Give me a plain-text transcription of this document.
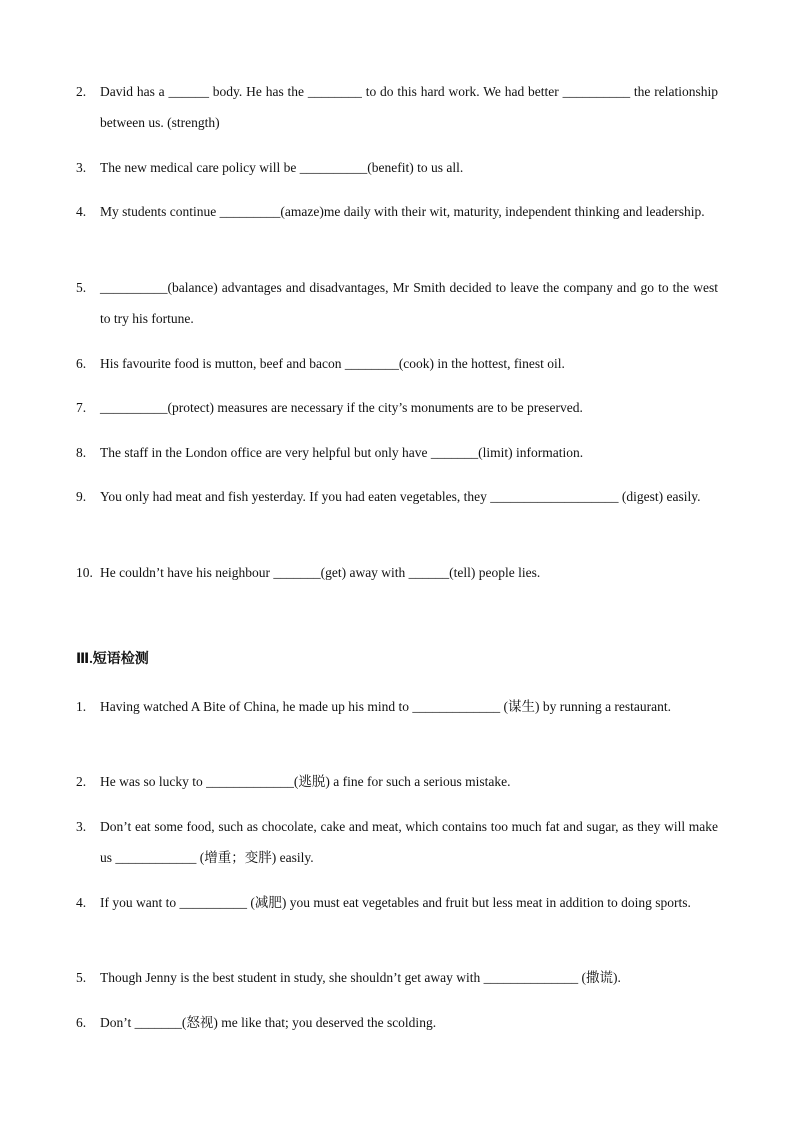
2.	David has a ______ body. He has the ________ to do this hard work. We had better __________ the relationship between us. (strength)
3.	The new medical care policy will be __________(benefit) to us all.
4.	My students continue _________(amaze)me daily with their wit, maturity, independent thinking and leadership.
5.	__________(balance) advantages and disadvantages, Mr Smith decided to leave the company and go to the west to try his fortune.
6.	His favourite food is mutton, beef and bacon ________(cook) in the hottest, finest oil.
7.	__________(protect) measures are necessary if the city’s monuments are to be preserved.
8.	The staff in the London office are very helpful but only have _______(limit) information.
9.	You only had meat and fish yesterday. If you had eaten vegetables, they ___________________ (digest) easily.
10. He couldn’t have his neighbour _______(get) away with ______(tell) people lies.
Ⅲ.短语检测
1.	Having watched A Bite of China, he made up his mind to _____________ (谋生) by running a restaurant.
2.	He was so lucky to _____________(逃脱) a fine for such a serious mistake.
3.	Don’t eat some food, such as chocolate, cake and meat, which contains too much fat and sugar, as they will make us ____________ (增重；变胖) easily.
4.	If you want to __________ (减肥) you must eat vegetables and fruit but less meat in addition to doing sports.
5.	Though Jenny is the best student in study, she shouldn’t get away with ______________ (撒谎).
6.	Don’t _______(怒视) me like that; you deserved the scolding.
